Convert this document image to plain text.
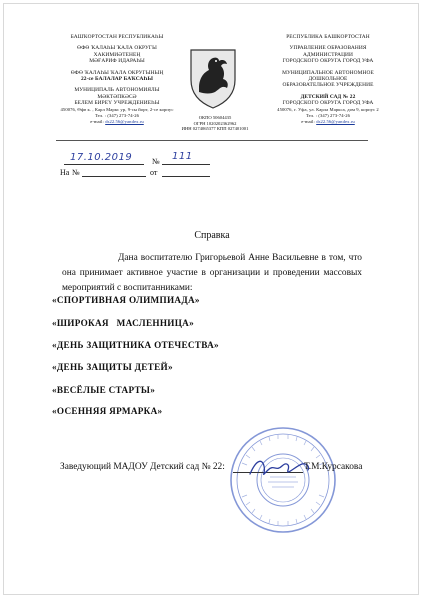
БАШҠОРТОСТАН РЕСПУБЛИКАҺЫ
ӨФӨ ҠАЛАҺЫ ҠАЛА ОКРУГЫ
ХАКИМИӘТЕНЕҢ
МӘҒАРИФ ИДАРАҺЫ
ӨФӨ ҠАЛАҺЫ ҠАЛА ОКРУГЫНЫҢ
22-се БАЛАЛАР БАҠСАҺЫ
МУНИЦИПАЛЬ АВТОНОМИЯЛЫ МӘКТӘПКӘСӘ
БЕЛЕМ БИРЕҮ УЧРЕЖДЕНИЕҺЫ
450076, Өфө к. , Карл Маркс ур, 9-сы йорт, 2-се корпус
Тел. : (347) 273-74-26
e-mail: ds22.56@yandex.ru
ОКПО 50604435
ОГРН 1020202362962
ИНН 0274065377 КПП 027401001
РЕСПУБЛИКА БАШКОРТОСТАН
УПРАВЛЕНИЕ ОБРАЗОВАНИЯ
АДМИНИСТРАЦИИ
ГОРОДСКОГО ОКРУГА ГОРОД УФА
МУНИЦИПАЛЬНОЕ АВТОНОМНОЕ
ДОШКОЛЬНОЕ
ОБРАЗОВАТЕЛЬНОЕ УЧРЕЖДЕНИЕ
ДЕТСКИЙ САД № 22
ГОРОДСКОГО ОКРУГА ГОРОД УФА
450076, г. Уфа, ул. Карла Маркса, дом 9, корпус 2
Тел. : (347) 273-74-26
e-mail: ds22.56@yandex.ru
17.10.2019 № 111
На №	от
Справка
Дана воспитателю Григорьевой Анне Васильевне в том, что она принимает активное участие в организации и проведении массовых мероприятий с воспитанниками:
«СПОРТИВНАЯ ОЛИМПИАДА»
«ШИРОКАЯ   МАСЛЕННИЦА»
«ДЕНЬ ЗАЩИТНИКА ОТЕЧЕСТВА»
«ДЕНЬ ЗАЩИТЫ ДЕТЕЙ»
«ВЕСЁЛЫЕ СТАРТЫ»
«ОСЕННЯЯ ЯРМАРКА»
Заведующий МАДОУ Детский сад № 22:	Т.М.Курсакова
